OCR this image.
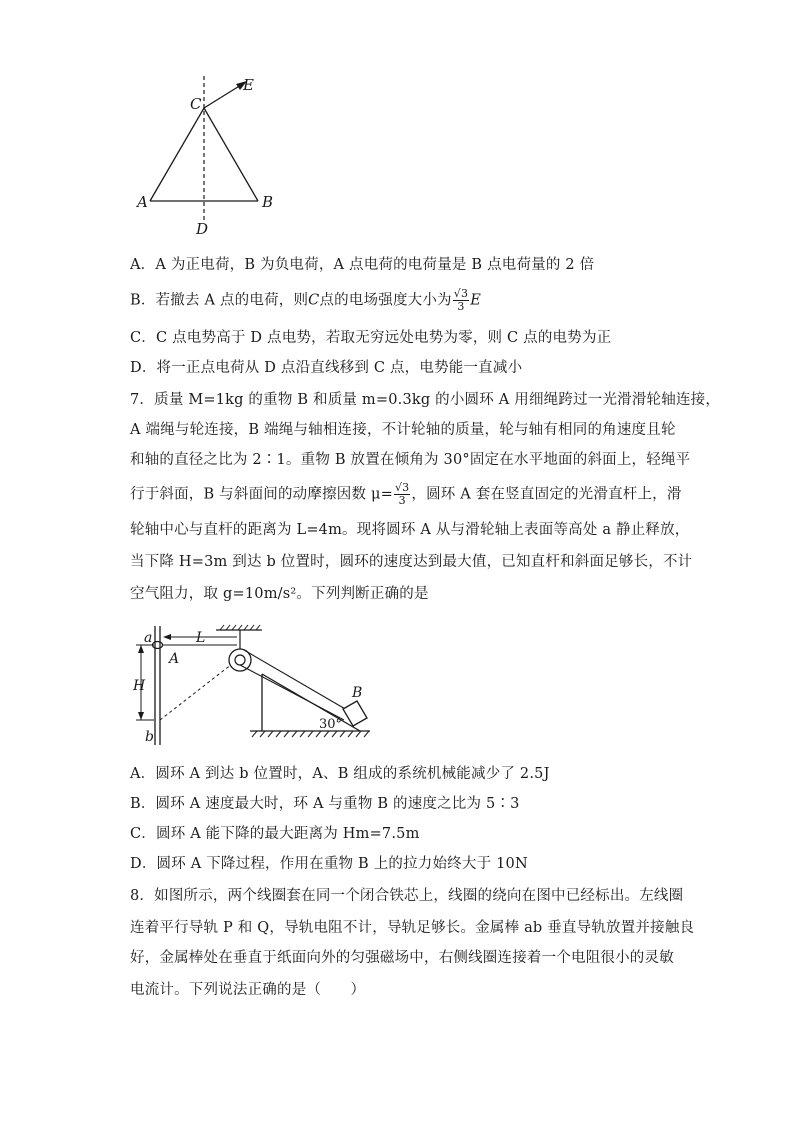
C
E
A	B
D
A．A 为正电荷，B 为负电荷，A 点电荷的电荷量是 B 点电荷量的 2 倍
B．若撤去 A 点的电荷，则C点的电场强度大小为 $\frac{√3}{3}$ E
C．C 点电势高于 D 点电势，若取无穷远处电势为零，则 C 点的电势为正
D．将一正点电荷从 D 点沿直线移到 C 点，电势能一直减小
7．质量 M=1kg 的重物 B 和质量 m=0.3kg 的小圆环 A 用细绳跨过一光滑滑轮轴连接，
A 端绳与轮连接，B 端绳与轴相连接，不计轮轴的质量，轮与轴有相同的角速度且轮
和轴的直径之比为 2∶1。重物 B 放置在倾角为 30°固定在水平地面的斜面上，轻绳平
行于斜面，B 与斜面间的动摩擦因数 $\mu= \frac{√3}{3}$ ，圆环 A 套在竖直固定的光滑直杆上，滑
轮轴中心与直杆的距离为 L=4m。现将圆环 A 从与滑轮轴上表面等高处 a 静止释放，
当下降 H=3m 到达 b 位置时，圆环的速度达到最大值，已知直杆和斜面足够长，不计
空气阻力，取 g=10m/s²。下列判断正确的是
a
A
L
H
b
B
30°
A．圆环 A 到达 b 位置时，A、B 组成的系统机械能减少了 2.5J
B．圆环 A 速度最大时，环 A 与重物 B 的速度之比为 5∶3
C．圆环 A 能下降的最大距离为 Hm=7.5m
D．圆环 A 下降过程，作用在重物 B 上的拉力始终大于 10N
8．如图所示，两个线圈套在同一个闭合铁芯上，线圈的绕向在图中已经标出。左线圈
连着平行导轨 P 和 Q，导轨电阻不计，导轨足够长。金属棒 ab 垂直导轨放置并接触良
好，金属棒处在垂直于纸面向外的匀强磁场中，右侧线圈连接着一个电阻很小的灵敏
电流计。下列说法正确的是（　　）
